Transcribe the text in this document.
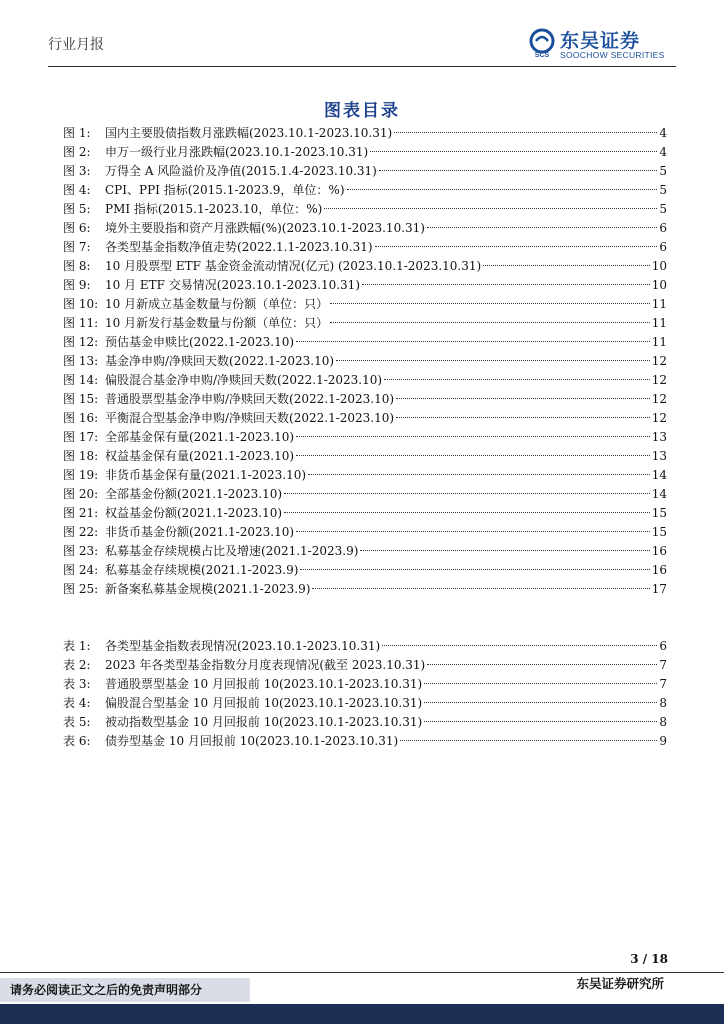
行业月报
SCS
东吴证券
SOOCHOW SECURITIES
图表目录
图 1:	国内主要股债指数月涨跌幅(2023.10.1-2023.10.31)	4
图 2:	申万一级行业月涨跌幅(2023.10.1-2023.10.31)	4
图 3:	万得全 A 风险溢价及净值(2015.1.4-2023.10.31)	5
图 4:	CPI、PPI 指标(2015.1-2023.9，单位：%)	5
图 5:	PMI 指标(2015.1-2023.10，单位：%)	5
图 6:	境外主要股指和资产月涨跌幅(%)(2023.10.1-2023.10.31)	6
图 7:	各类型基金指数净值走势(2022.1.1-2023.10.31)	6
图 8:	10 月股票型 ETF 基金资金流动情况(亿元) (2023.10.1-2023.10.31)	10
图 9:	10 月 ETF 交易情况(2023.10.1-2023.10.31)	10
图 10: 10 月新成立基金数量与份额（单位：只）	11
图 11: 10 月新发行基金数量与份额（单位：只）	11
图 12: 预估基金申赎比(2022.1-2023.10)	11
图 13: 基金净申购/净赎回天数(2022.1-2023.10)	12
图 14: 偏股混合基金净申购/净赎回天数(2022.1-2023.10)	12
图 15: 普通股票型基金净申购/净赎回天数(2022.1-2023.10)	12
图 16: 平衡混合型基金净申购/净赎回天数(2022.1-2023.10)	12
图 17: 全部基金保有量(2021.1-2023.10)	13
图 18: 权益基金保有量(2021.1-2023.10)	13
图 19: 非货币基金保有量(2021.1-2023.10)	14
图 20: 全部基金份额(2021.1-2023.10)	14
图 21: 权益基金份额(2021.1-2023.10)	15
图 22: 非货币基金份额(2021.1-2023.10)	15
图 23: 私募基金存续规模占比及增速(2021.1-2023.9)	16
图 24: 私募基金存续规模(2021.1-2023.9)	16
图 25: 新备案私募基金规模(2021.1-2023.9)	17
表 1:	各类型基金指数表现情况(2023.10.1-2023.10.31)	6
表 2:	2023 年各类型基金指数分月度表现情况(截至 2023.10.31)	7
表 3:	普通股票型基金 10 月回报前 10(2023.10.1-2023.10.31)	7
表 4:	偏股混合型基金 10 月回报前 10(2023.10.1-2023.10.31)	8
表 5:	被动指数型基金 10 月回报前 10(2023.10.1-2023.10.31)	8
表 6:	债券型基金 10 月回报前 10(2023.10.1-2023.10.31)	9
3 / 18
请务必阅读正文之后的免责声明部分	东吴证券研究所
